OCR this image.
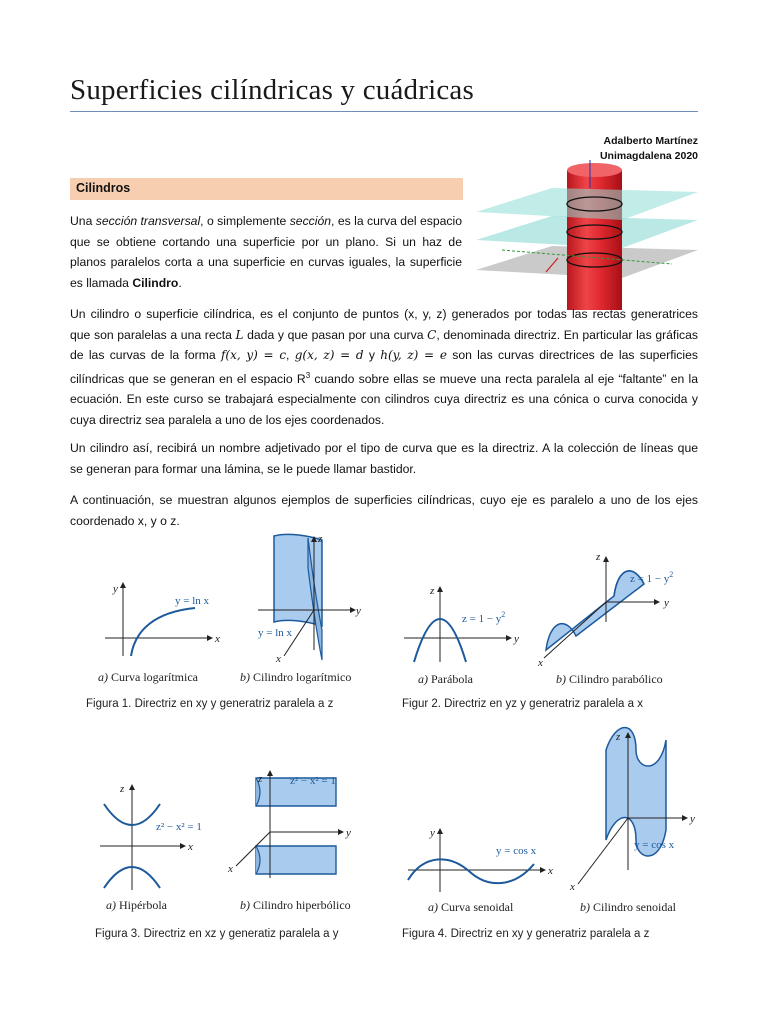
Superficies cilíndricas y cuádricas
Adalberto Martínez
Unimagdalena 2020
Cilindros
Una sección transversal, o simplemente sección, es la curva del espacio
que se obtiene cortando una superficie por un plano. Si un haz de
planos paralelos corta a una superficie en curvas iguales, la superficie
es llamada Cilindro.
Un cilindro o superficie cilíndrica, es el conjunto de puntos (x, y, z) generados por todas las rectas generatrices
que son paralelas a una recta L dada y que pasan por una curva C, denominada directriz. En particular las gráficas
de las curvas de la forma f(x, y) = c, g(x, z) = d y h(y, z) = e son las curvas directrices de las superficies
cilíndricas que se generan en el espacio $R^3$ cuando sobre ellas se mueve una recta paralela al eje “faltante” en la
ecuación. En este curso se trabajará especialmente con cilindros cuya directriz es una cónica o curva conocida y
cuya directriz sea paralela a uno de los ejes coordenados.
Un cilindro así, recibirá un nombre adjetivado por el tipo de curva que es la directriz. A la colección de líneas que
se generan para formar una lámina, se le puede llamar bastidor.
A continuación, se muestran algunos ejemplos de superficies cilíndricas, cuyo eje es paralelo a uno de los ejes
coordenado x, y o z.
x
y
y = ln x
a) Curva logarítmica
z
y
x
y = ln x
b) Cilindro logarítmico
Figura 1. Directriz en xy y generatriz paralela a z
y
z
$z = 1 - y^2$
a) Parábola
z
y
x
$z = 1 - y^2$
b) Cilindro parabólico
Figur 2. Directriz en yz y generatriz paralela a x
x
z
z² − x² = 1
a) Hipérbola
z
y
x
z² − x² = 1
b) Cilindro hiperbólico
Figura 3. Directriz en xz y generatiz paralela a y
x
y
y = cos x
a) Curva senoidal
z
y
x
y = cos x
b) Cilindro senoidal
Figura 4. Directriz en xy y generatriz paralela a z
